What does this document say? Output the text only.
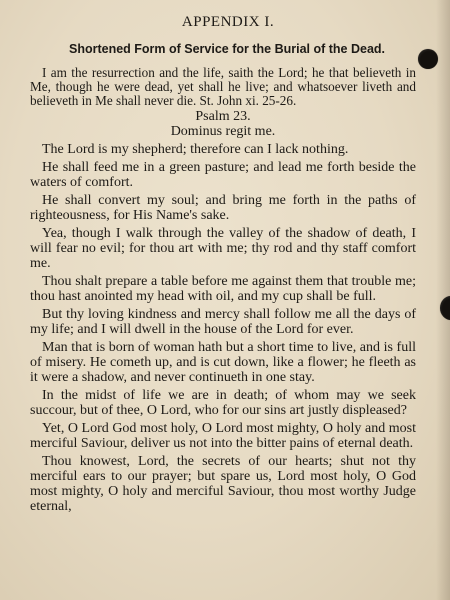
APPENDIX I.
Shortened Form of Service for the Burial of the Dead.

I am the resurrection and the life, saith the Lord; he that believeth in Me, though he were dead, yet shall he live; and whatsoever liveth and believeth in Me shall never die. St. John xi. 25-26.

Psalm 23.

Dominus regit me.

The Lord is my shepherd; therefore can I lack nothing.

He shall feed me in a green pasture; and lead me forth beside the waters of comfort.

He shall convert my soul; and bring me forth in the paths of righteousness, for His Name's sake.

Yea, though I walk through the valley of the shadow of death, I will fear no evil; for thou art with me; thy rod and thy staff comfort me.

Thou shalt prepare a table before me against them that trouble me; thou hast anointed my head with oil, and my cup shall be full.

But thy loving kindness and mercy shall follow me all the days of my life; and I will dwell in the house of the Lord for ever.

Man that is born of woman hath but a short time to live, and is full of misery. He cometh up, and is cut down, like a flower; he fleeth as it were a shadow, and never continueth in one stay.

In the midst of life we are in death; of whom may we seek succour, but of thee, O Lord, who for our sins art justly displeased?

Yet, O Lord God most holy, O Lord most mighty, O holy and most merciful Saviour, deliver us not into the bitter pains of eternal death.

Thou knowest, Lord, the secrets of our hearts; shut not thy merciful ears to our prayer; but spare us, Lord most holy, O God most mighty, O holy and merciful Saviour, thou most worthy Judge eternal,
